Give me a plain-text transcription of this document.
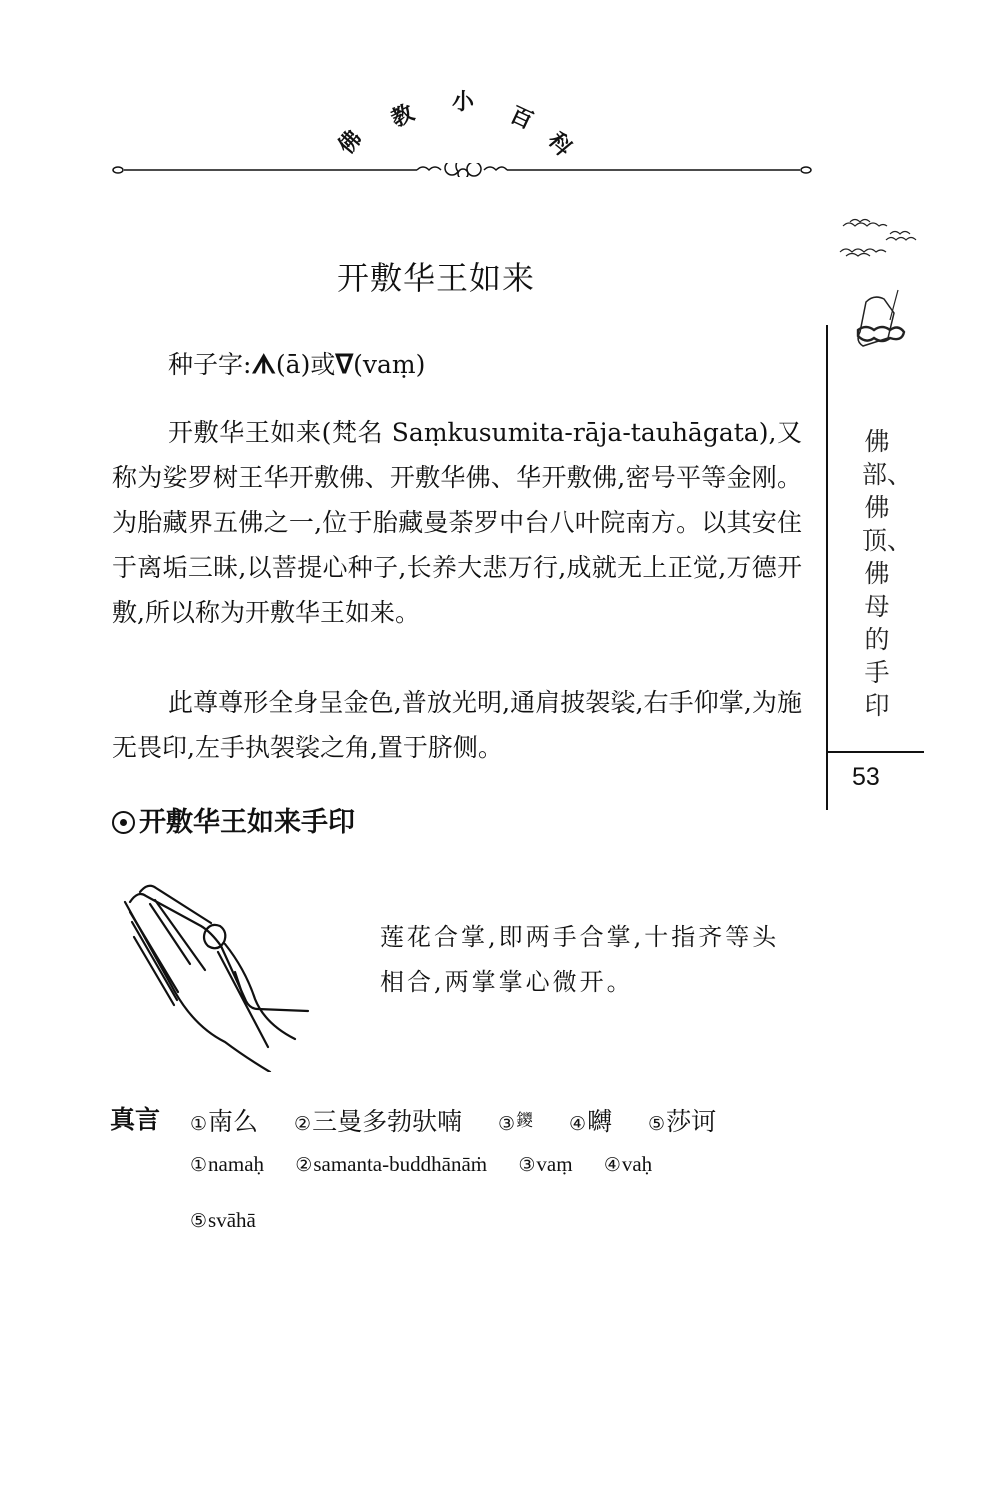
佛
教 小
百
科
佛部、佛顶、佛母的手印
53
开敷华王如来
种子字:ᗑ(ā)或ᐁ(vaṃ)
开敷华王如来(梵名 Saṃkusumita-rāja-tauhāgata),又称为娑罗树王华开敷佛、开敷华佛、华开敷佛,密号平等金刚。为胎藏界五佛之一,位于胎藏曼荼罗中台八叶院南方。以其安住于离垢三昧,以菩提心种子,长养大悲万行,成就无上正觉,万德开敷,所以称为开敷华王如来。
此尊尊形全身呈金色,普放光明,通肩披袈裟,右手仰掌,为施无畏印,左手执袈裟之角,置于脐侧。
开敷华王如来手印
莲花合掌,即两手合掌,十指齐等头相合,两掌掌心微开。
真言 ①南么 ②三曼多勃驮喃 ③鑁 ④嚩 ⑤莎诃
①namaḥ ②samanta-buddhānāṁ ③vaṃ ④vaḥ
⑤svāhā
